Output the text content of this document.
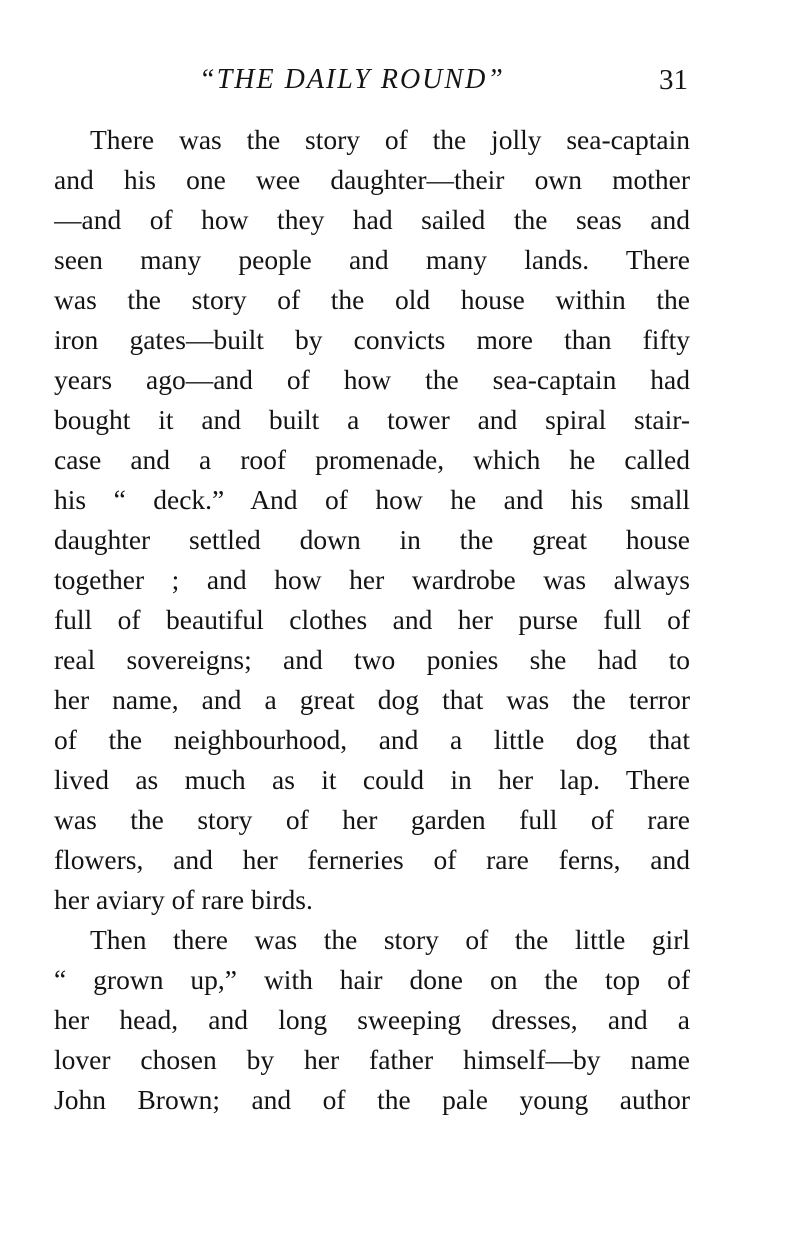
“THE DAILY ROUND”	31
There was the story of the jolly sea-captain
and his one wee daughter—their own mother
—and of how they had sailed the seas and
seen many people and many lands. There
was the story of the old house within the
iron gates—built by convicts more than fifty
years ago—and of how the sea-captain had
bought it and built a tower and spiral stair-
case and a roof promenade, which he called
his “ deck.” And of how he and his small
daughter settled down in the great house
together ; and how her wardrobe was always
full of beautiful clothes and her purse full of
real sovereigns; and two ponies she had to
her name, and a great dog that was the terror
of the neighbourhood, and a little dog that
lived as much as it could in her lap. There
was the story of her garden full of rare
flowers, and her ferneries of rare ferns, and
her aviary of rare birds.
Then there was the story of the little girl
“ grown up,” with hair done on the top of
her head, and long sweeping dresses, and a
lover chosen by her father himself—by name
John Brown; and of the pale young author
